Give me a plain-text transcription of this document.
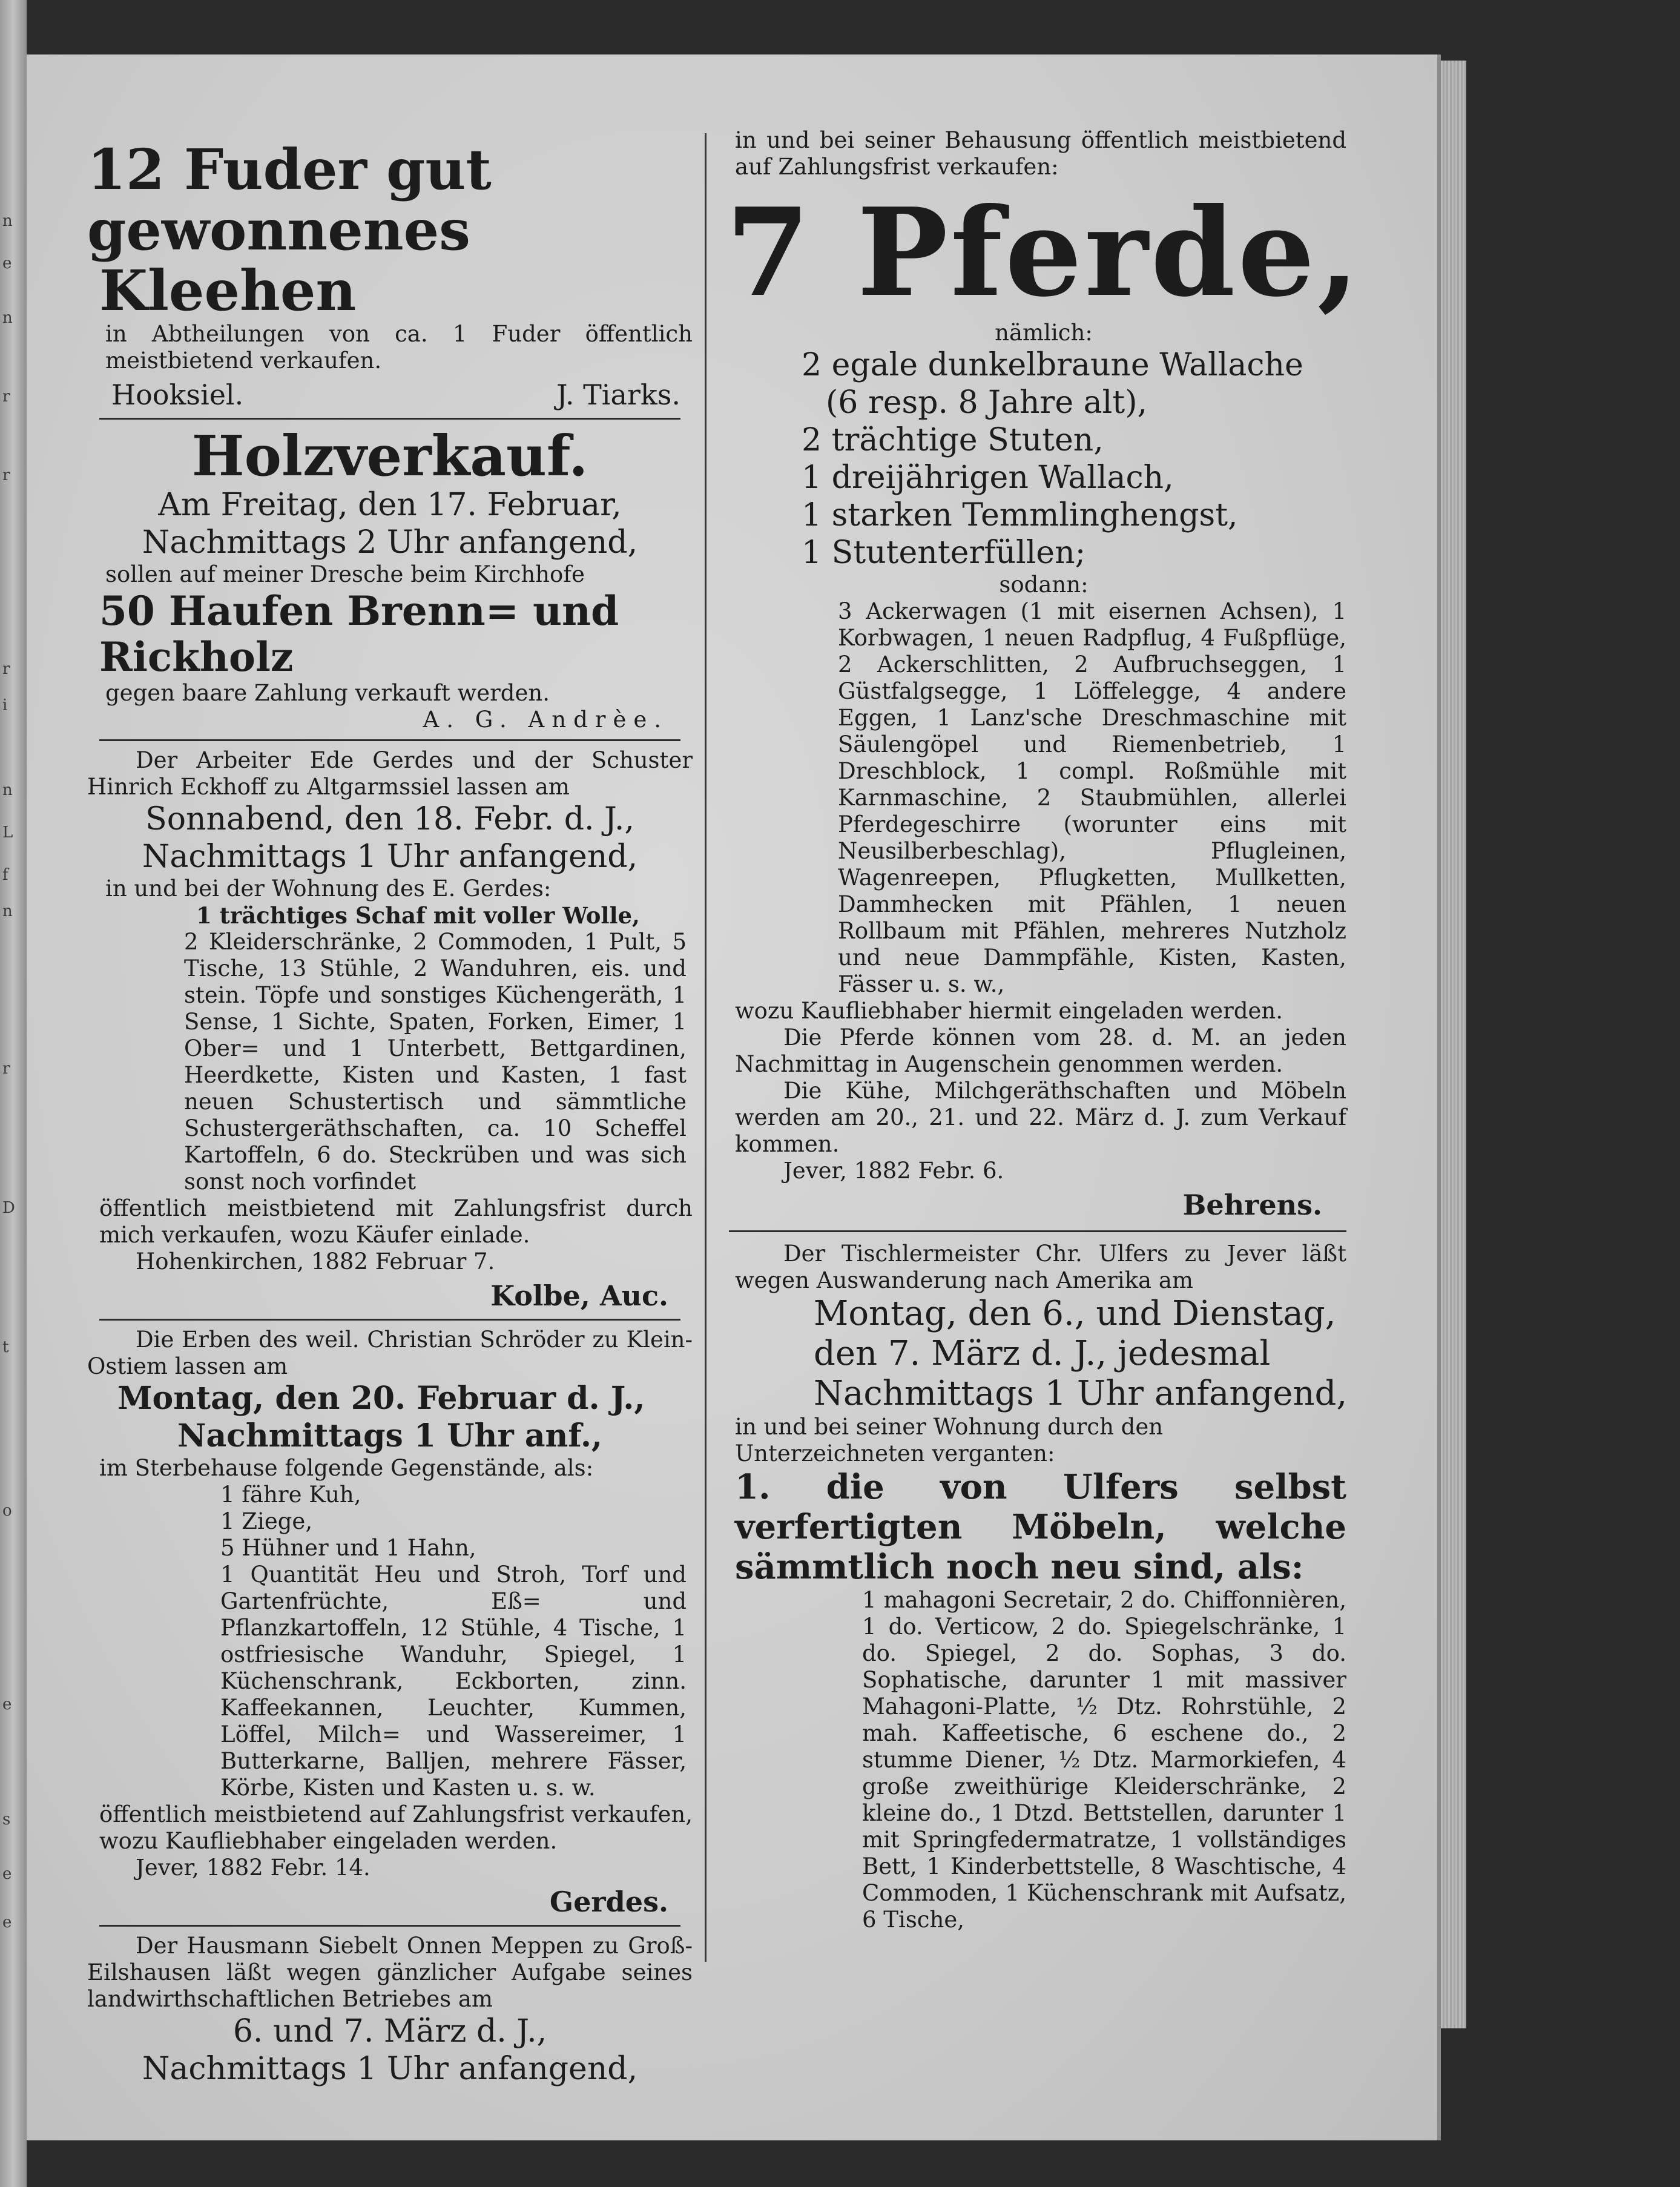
n
e
n
r
r
r
i
n
L
f
n
r
D
t
o
e
s
e
e

12 Fuder gut gewonnenes

Kleehen

in Abtheilungen von ca. 1 Fuder öffentlich meistbietend verkaufen.

Hooksiel.	J. Tiarks.

Holzverkauf.

Am Freitag, den 17. Februar,

Nachmittags 2 Uhr anfangend,

sollen auf meiner Dresche beim Kirchhofe

50 Haufen Brenn= und Rickholz

gegen baare Zahlung verkauft werden.

A. G. Andrèe.

Der Arbeiter Ede Gerdes und der Schuster Hinrich Eckhoff zu Altgarmssiel lassen am

Sonnabend, den 18. Febr. d. J.,

Nachmittags 1 Uhr anfangend,

in und bei der Wohnung des E. Gerdes:

1 trächtiges Schaf mit voller Wolle,

2 Kleiderschränke, 2 Commoden, 1 Pult, 5 Tische, 13 Stühle, 2 Wanduhren, eis. und stein. Töpfe und sonstiges Küchengeräth, 1 Sense, 1 Sichte, Spaten, Forken, Eimer, 1 Ober= und 1 Unterbett, Bettgardinen, Heerdkette, Kisten und Kasten, 1 fast neuen Schustertisch und sämmtliche Schustergeräthschaften, ca. 10 Scheffel Kartoffeln, 6 do. Steckrüben und was sich sonst noch vorfindet

öffentlich meistbietend mit Zahlungsfrist durch mich verkaufen, wozu Käufer einlade.

Hohenkirchen, 1882 Februar 7.

Kolbe, Auc.

Die Erben des weil. Christian Schröder zu Klein-Ostiem lassen am

Montag, den 20. Februar d. J.,

Nachmittags 1 Uhr anf.,

im Sterbehause folgende Gegenstände, als:

1 fähre Kuh,

1 Ziege,

5 Hühner und 1 Hahn,

1 Quantität Heu und Stroh, Torf und Gartenfrüchte, Eß= und Pflanzkartoffeln, 12 Stühle, 4 Tische, 1 ostfriesische Wanduhr, Spiegel, 1 Küchenschrank, Eckborten, zinn. Kaffeekannen, Leuchter, Kummen, Löffel, Milch= und Wassereimer, 1 Butterkarne, Balljen, mehrere Fässer, Körbe, Kisten und Kasten u. s. w.

öffentlich meistbietend auf Zahlungsfrist verkaufen, wozu Kaufliebhaber eingeladen werden.

Jever, 1882 Febr. 14.

Gerdes.

Der Hausmann Siebelt Onnen Meppen zu Groß-Eilshausen läßt wegen gänzlicher Aufgabe seines landwirthschaftlichen Betriebes am

6. und 7. März d. J.,

Nachmittags 1 Uhr anfangend,

in und bei seiner Behausung öffentlich meistbietend auf Zahlungsfrist verkaufen:

7 Pferde,

nämlich:

2 egale dunkelbraune Wallache

(6 resp. 8 Jahre alt),

2 trächtige Stuten,

1 dreijährigen Wallach,

1 starken Temmlinghengst,

1 Stutenterfüllen;

sodann:

3 Ackerwagen (1 mit eisernen Achsen), 1 Korbwagen, 1 neuen Radpflug, 4 Fußpflüge, 2 Ackerschlitten, 2 Aufbruchseggen, 1 Güstfalgsegge, 1 Löffelegge, 4 andere Eggen, 1 Lanz'sche Dreschmaschine mit Säulengöpel und Riemenbetrieb, 1 Dreschblock, 1 compl. Roßmühle mit Karnmaschine, 2 Staubmühlen, allerlei Pferdegeschirre (worunter eins mit Neusilberbeschlag), Pflugleinen, Wagenreepen, Pflugketten, Mullketten, Dammhecken mit Pfählen, 1 neuen Rollbaum mit Pfählen, mehreres Nutzholz und neue Dammpfähle, Kisten, Kasten, Fässer u. s. w.,

wozu Kaufliebhaber hiermit eingeladen werden.

Die Pferde können vom 28. d. M. an jeden Nachmittag in Augenschein genommen werden.

Die Kühe, Milchgeräthschaften und Möbeln werden am 20., 21. und 22. März d. J. zum Verkauf kommen.

Jever, 1882 Febr. 6.

Behrens.

Der Tischlermeister Chr. Ulfers zu Jever läßt wegen Auswanderung nach Amerika am

Montag, den 6., und Dienstag,

den 7. März d. J., jedesmal

Nachmittags 1 Uhr anfangend,

in und bei seiner Wohnung durch den Unterzeichneten verganten:

1. die von Ulfers selbst verfertigten Möbeln, welche sämmtlich noch neu sind, als:

1 mahagoni Secretair, 2 do. Chiffonnièren, 1 do. Verticow, 2 do. Spiegelschränke, 1 do. Spiegel, 2 do. Sophas, 3 do. Sophatische, darunter 1 mit massiver Mahagoni-Platte, ½ Dtz. Rohrstühle, 2 mah. Kaffeetische, 6 eschene do., 2 stumme Diener, ½ Dtz. Marmorkiefen, 4 große zweithürige Kleiderschränke, 2 kleine do., 1 Dtzd. Bettstellen, darunter 1 mit Springfedermatratze, 1 vollständiges Bett, 1 Kinderbettstelle, 8 Waschtische, 4 Commoden, 1 Küchenschrank mit Aufsatz, 6 Tische,
